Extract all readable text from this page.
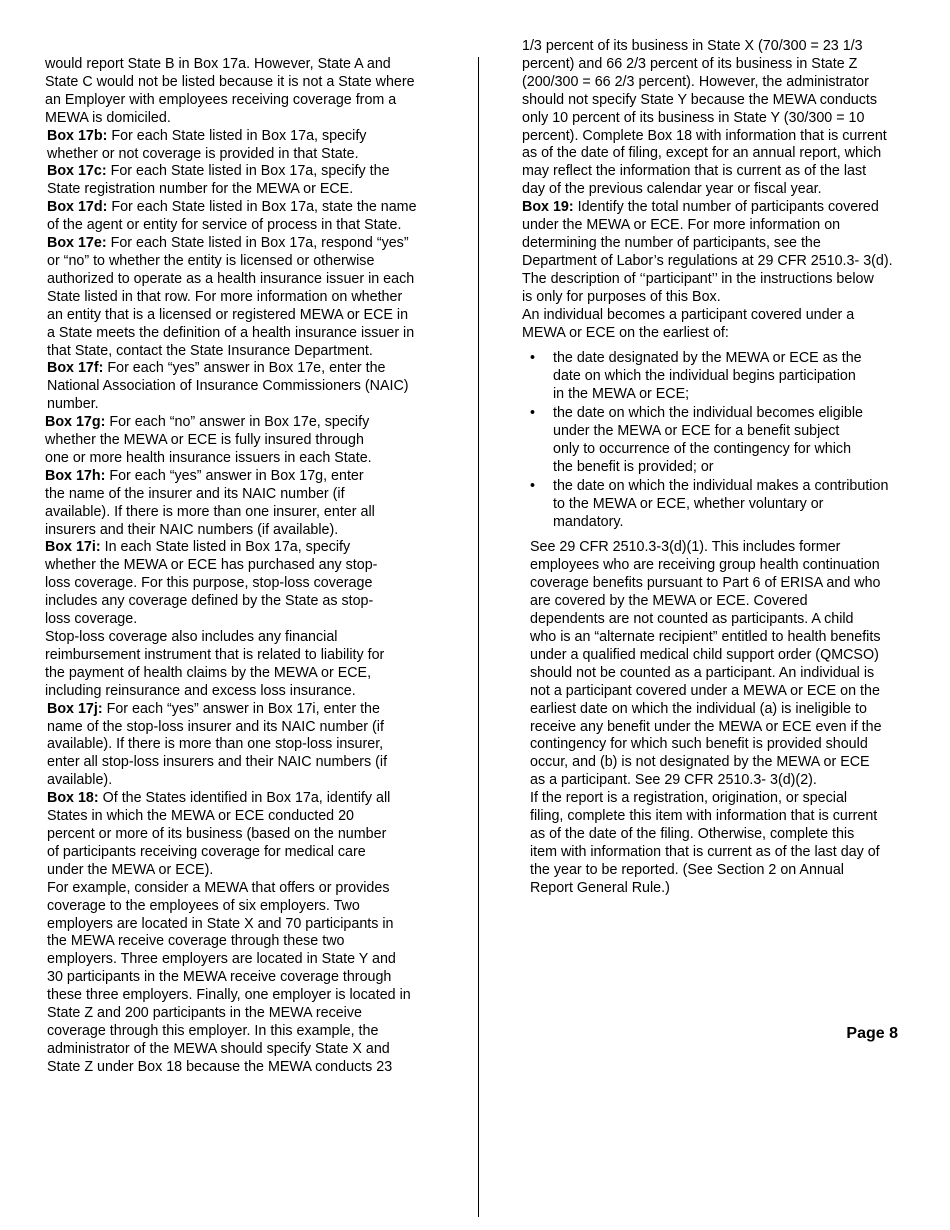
would report State B in Box 17a. However, State A and
State C would not be listed because it is not a State where
an Employer with employees receiving coverage from a
MEWA is domiciled.

Box 17b: For each State listed in Box 17a, specify
whether or not coverage is provided in that State.

Box 17c: For each State listed in Box 17a, specify the
State registration number for the MEWA or ECE.

Box 17d: For each State listed in Box 17a, state the name
of the agent or entity for service of process in that State.

Box 17e: For each State listed in Box 17a, respond “yes”
or “no” to whether the entity is licensed or otherwise
authorized to operate as a health insurance issuer in each
State listed in that row. For more information on whether
an entity that is a licensed or registered MEWA or ECE in
a State meets the definition of a health insurance issuer in
that State, contact the State Insurance Department.

Box 17f: For each “yes” answer in Box 17e, enter the
National Association of Insurance Commissioners (NAIC)
number.

Box 17g: For each “no” answer in Box 17e, specify
whether the MEWA or ECE is fully insured through
one or more health insurance issuers in each State.

Box 17h: For each “yes” answer in Box 17g, enter
the name of the insurer and its NAIC number (if
available). If there is more than one insurer, enter all
insurers and their NAIC numbers (if available).

Box 17i: In each State listed in Box 17a, specify
whether the MEWA or ECE has purchased any stop-
loss coverage. For this purpose, stop-loss coverage
includes any coverage defined by the State as stop-
loss coverage.

Stop-loss coverage also includes any financial
reimbursement instrument that is related to liability for
the payment of health claims by the MEWA or ECE,
including reinsurance and excess loss insurance.

Box 17j: For each “yes” answer in Box 17i, enter the
name of the stop-loss insurer and its NAIC number (if
available). If there is more than one stop-loss insurer,
enter all stop-loss insurers and their NAIC numbers (if
available).

Box 18: Of the States identified in Box 17a, identify all
States in which the MEWA or ECE conducted 20
percent or more of its business (based on the number
of participants receiving coverage for medical care
under the MEWA or ECE).

For example, consider a MEWA that offers or provides
coverage to the employees of six employers. Two
employers are located in State X and 70 participants in
the MEWA receive coverage through these two
employers. Three employers are located in State Y and
30 participants in the MEWA receive coverage through
these three employers. Finally, one employer is located in
State Z and 200 participants in the MEWA receive
coverage through this employer. In this example, the
administrator of the MEWA should specify State X and
State Z under Box 18 because the MEWA conducts 23

1/3 percent of its business in State X (70/300 = 23 1/3
percent) and 66 2/3 percent of its business in State Z
(200/300 = 66 2/3 percent). However, the administrator
should not specify State Y because the MEWA conducts
only 10 percent of its business in State Y (30/300 = 10
percent). Complete Box 18 with information that is current
as of the date of filing, except for an annual report, which
may reflect the information that is current as of the last
day of the previous calendar year or fiscal year.

Box 19: Identify the total number of participants covered
under the MEWA or ECE. For more information on
determining the number of participants, see the
Department of Labor’s regulations at 29 CFR 2510.3- 3(d).
The description of ‘‘participant’’ in the instructions below
is only for purposes of this Box.

An individual becomes a participant covered under a
MEWA or ECE on the earliest of:

• the date designated by the MEWA or ECE as the
date on which the individual begins participation
in the MEWA or ECE;
• the date on which the individual becomes eligible
under the MEWA or ECE for a benefit subject
only to occurrence of the contingency for which
the benefit is provided; or
• the date on which the individual makes a contribution
to the MEWA or ECE, whether voluntary or
mandatory.

See 29 CFR 2510.3-3(d)(1). This includes former
employees who are receiving group health continuation
coverage benefits pursuant to Part 6 of ERISA and who
are covered by the MEWA or ECE. Covered
dependents are not counted as participants. A child
who is an “alternate recipient” entitled to health benefits
under a qualified medical child support order (QMCSO)
should not be counted as a participant. An individual is
not a participant covered under a MEWA or ECE on the
earliest date on which the individual (a) is ineligible to
receive any benefit under the MEWA or ECE even if the
contingency for which such benefit is provided should
occur, and (b) is not designated by the MEWA or ECE
as a participant. See 29 CFR 2510.3- 3(d)(2).

If the report is a registration, origination, or special
filing, complete this item with information that is current
as of the date of the filing. Otherwise, complete this
item with information that is current as of the last day of
the year to be reported. (See Section 2 on Annual
Report General Rule.)

Page 8
